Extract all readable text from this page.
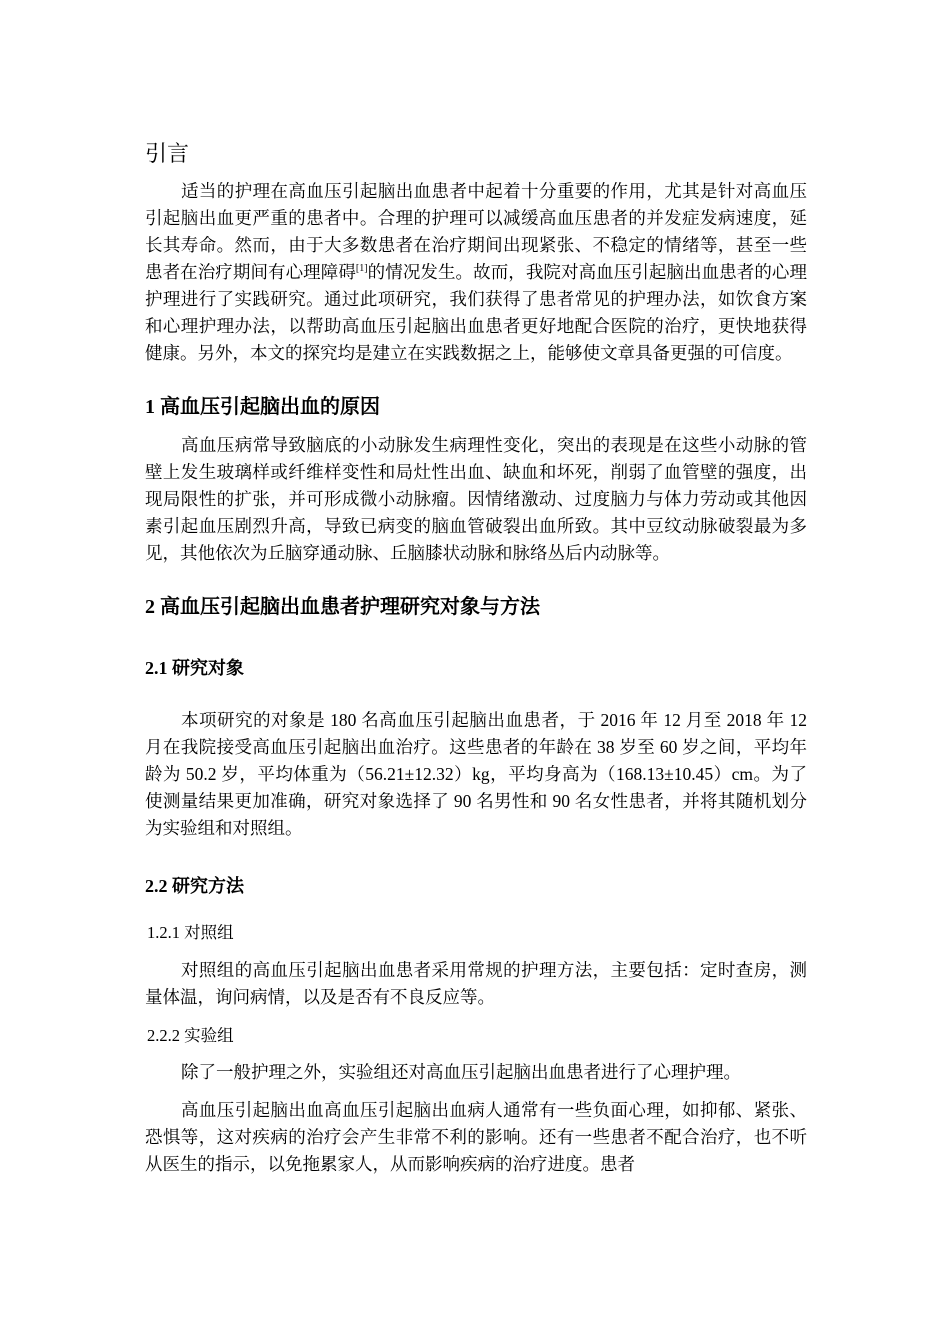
引言

适当的护理在高血压引起脑出血患者中起着十分重要的作用，尤其是针对高血压引起脑出血更严重的患者中。合理的护理可以减缓高血压患者的并发症发病速度，延长其寿命。然而，由于大多数患者在治疗期间出现紧张、不稳定的情绪等，甚至一些患者在治疗期间有心理障碍[1]的情况发生。故而，我院对高血压引起脑出血患者的心理护理进行了实践研究。通过此项研究，我们获得了患者常见的护理办法，如饮食方案和心理护理办法，以帮助高血压引起脑出血患者更好地配合医院的治疗，更快地获得健康。另外，本文的探究均是建立在实践数据之上，能够使文章具备更强的可信度。

1 高血压引起脑出血的原因

高血压病常导致脑底的小动脉发生病理性变化，突出的表现是在这些小动脉的管壁上发生玻璃样或纤维样变性和局灶性出血、缺血和坏死，削弱了血管壁的强度，出现局限性的扩张，并可形成微小动脉瘤。因情绪激动、过度脑力与体力劳动或其他因素引起血压剧烈升高，导致已病变的脑血管破裂出血所致。其中豆纹动脉破裂最为多见，其他依次为丘脑穿通动脉、丘脑膝状动脉和脉络丛后内动脉等。

2 高血压引起脑出血患者护理研究对象与方法
2.1 研究对象

本项研究的对象是 180 名高血压引起脑出血患者，于 2016 年 12 月至 2018 年 12 月在我院接受高血压引起脑出血治疗。这些患者的年龄在 38 岁至 60 岁之间，平均年龄为 50.2 岁，平均体重为（56.21±12.32）kg，平均身高为（168.13±10.45）cm。为了使测量结果更加准确，研究对象选择了 90 名男性和 90 名女性患者，并将其随机划分为实验组和对照组。

2.2 研究方法
1.2.1 对照组

对照组的高血压引起脑出血患者采用常规的护理方法，主要包括：定时查房，测量体温，询问病情，以及是否有不良反应等。

2.2.2 实验组

除了一般护理之外，实验组还对高血压引起脑出血患者进行了心理护理。

高血压引起脑出血高血压引起脑出血病人通常有一些负面心理，如抑郁、紧张、恐惧等，这对疾病的治疗会产生非常不利的影响。还有一些患者不配合治疗，也不听从医生的指示，以免拖累家人，从而影响疾病的治疗进度。患者
